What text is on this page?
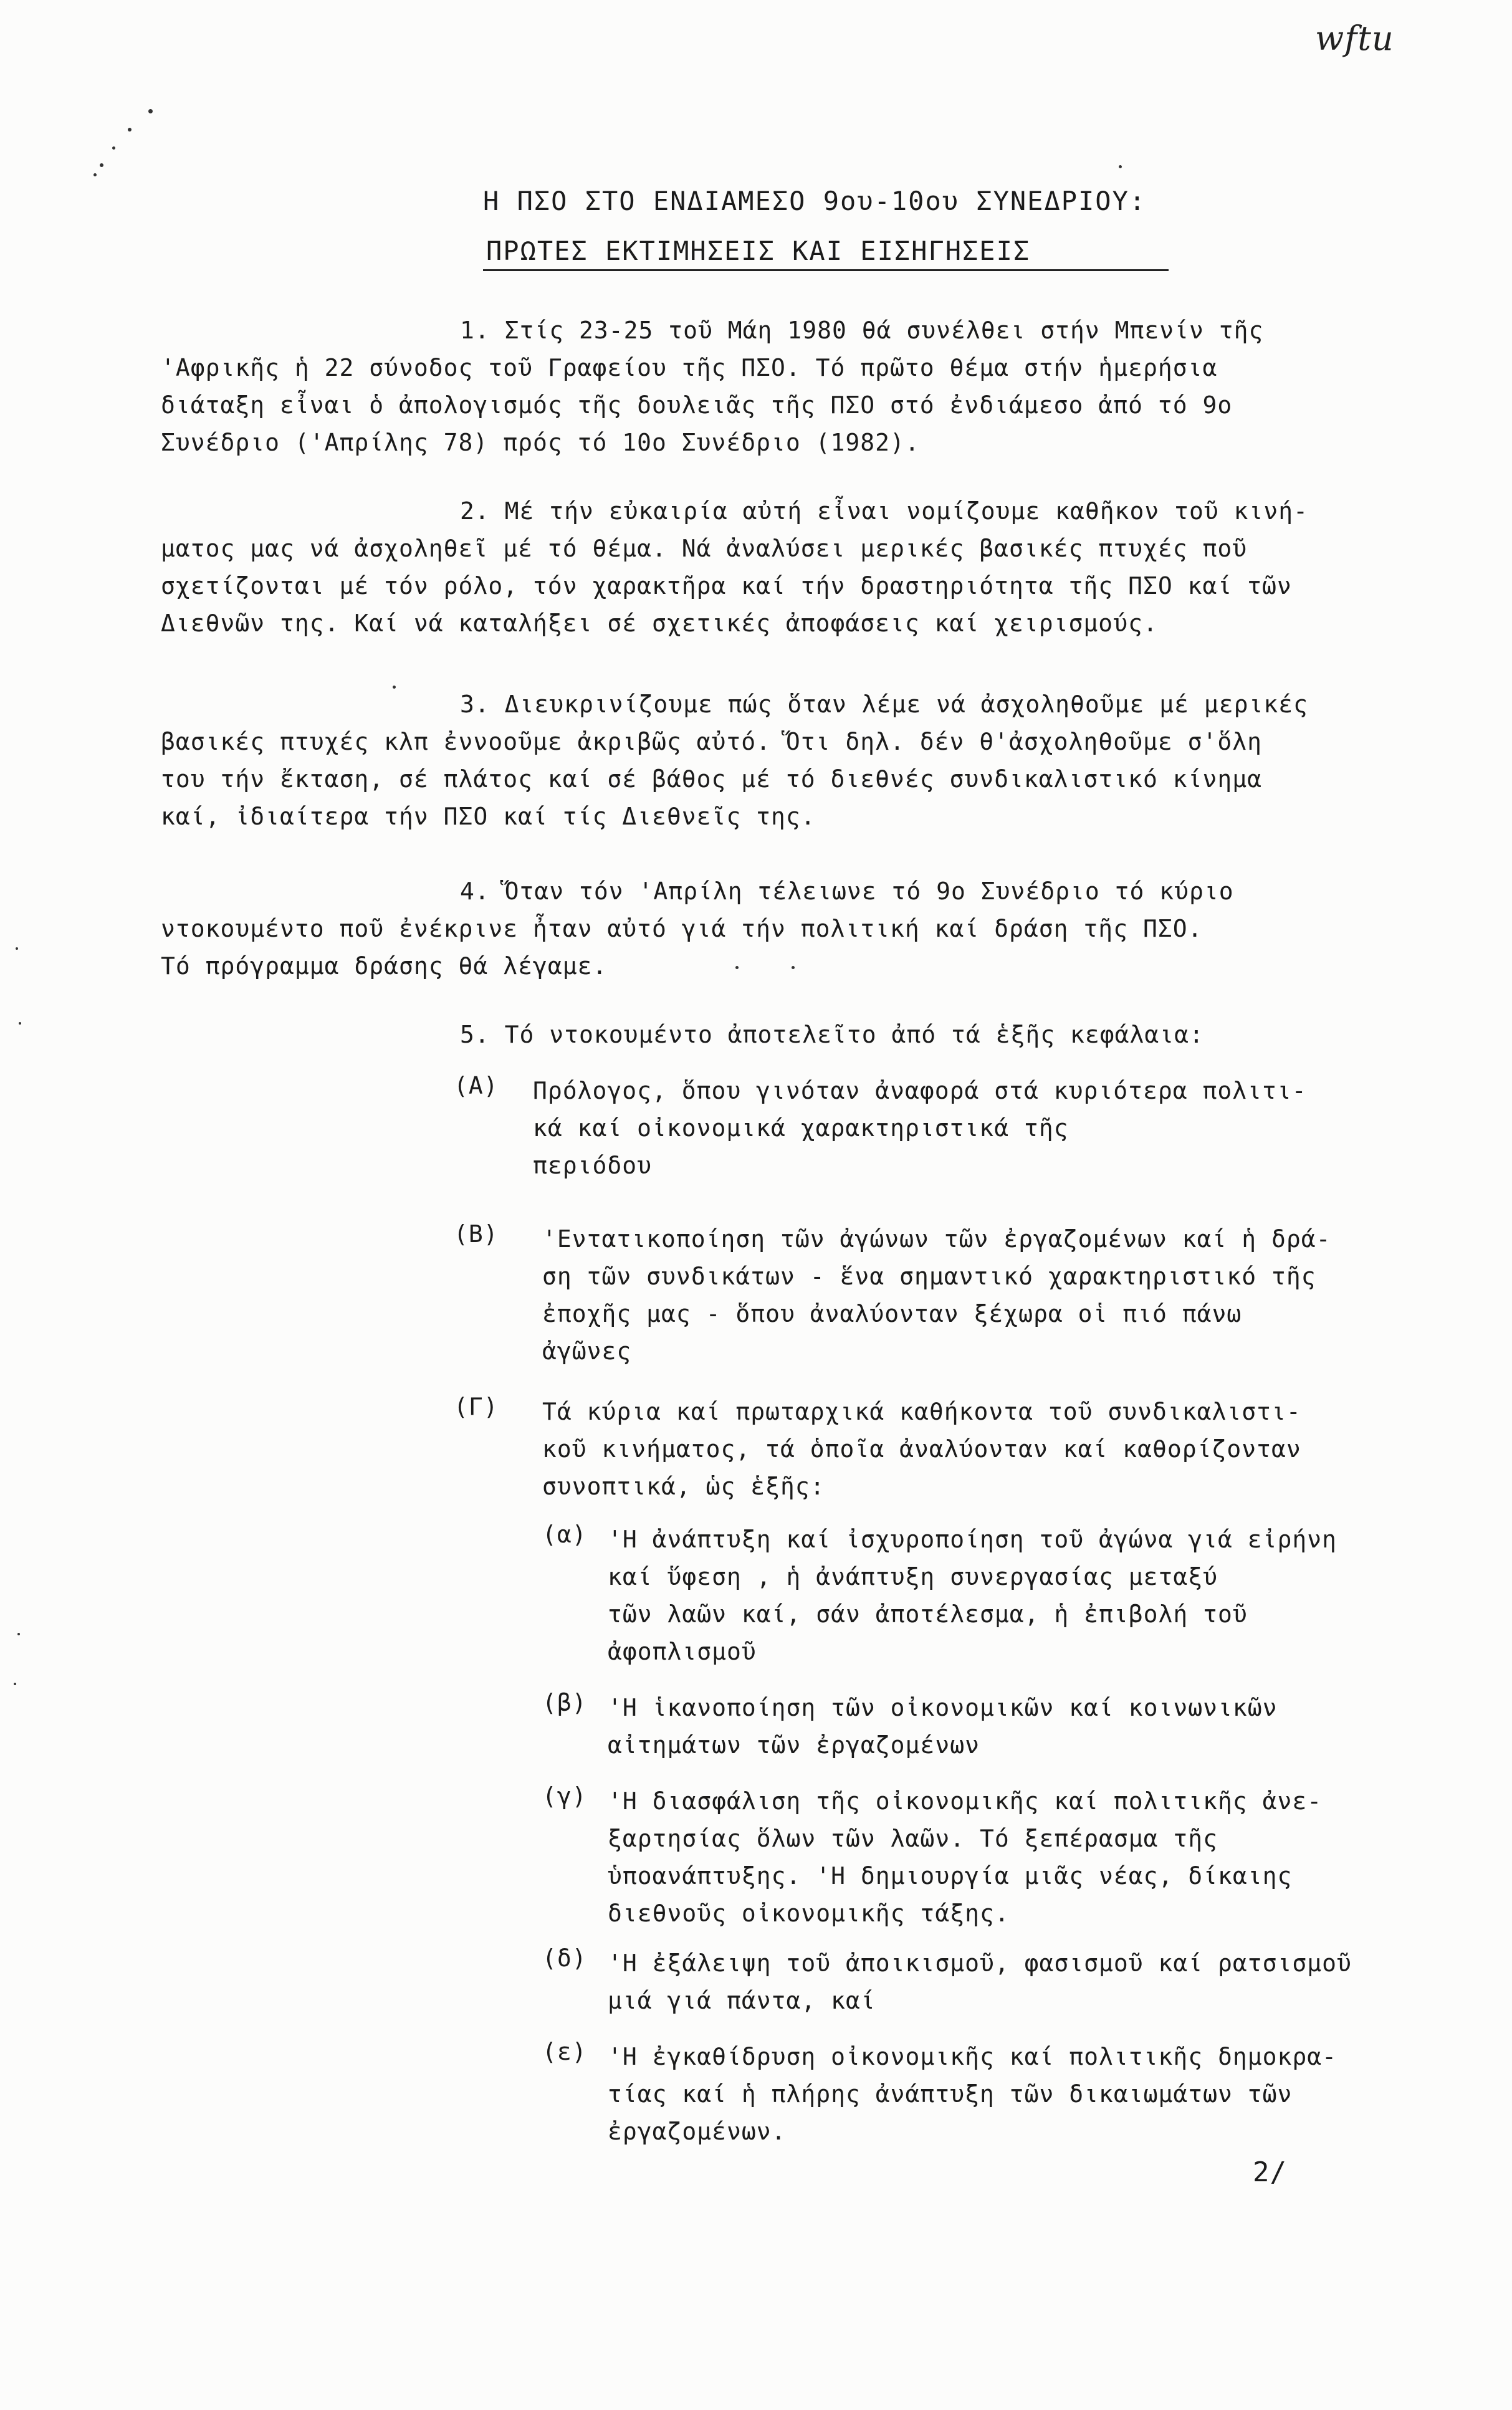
wftu
Η ΠΣΟ ΣΤΟ ΕΝΔΙΑΜΕΣΟ 9ου-10ου ΣΥΝΕΔΡΙΟΥ:
ΠΡΩΤΕΣ ΕΚΤΙΜΗΣΕΙΣ ΚΑΙ ΕΙΣΗΓΗΣΕΙΣ
1. Στίς 23-25 τοῦ Μάη 1980 θά συνέλθει στήν Μπενίν τῆς
'Αφρικῆς ἡ 22 σύνοδος τοῦ Γραφείου τῆς ΠΣΟ. Τό πρῶτο θέμα στήν ἡμερήσια
διάταξη εἶναι ὁ ἀπολογισμός τῆς δουλειᾶς τῆς ΠΣΟ στό ἐνδιάμεσο ἀπό τό 9ο
Συνέδριο ('Απρίλης 78) πρός τό 10ο Συνέδριο (1982).
2. Μέ τήν εὐκαιρία αὐτή εἶναι νομίζουμε καθῆκον τοῦ κινή-
ματος μας νά ἀσχοληθεῖ μέ τό θέμα. Νά ἀναλύσει μερικές βασικές πτυχές ποῦ
σχετίζονται μέ τόν ρόλο, τόν χαρακτῆρα καί τήν δραστηριότητα τῆς ΠΣΟ καί τῶν
Διεθνῶν της. Καί νά καταλήξει σέ σχετικές ἀποφάσεις καί χειρισμούς.
3. Διευκρινίζουμε πώς ὅταν λέμε νά ἀσχοληθοῦμε μέ μερικές
βασικές πτυχές κλπ ἐννοοῦμε ἀκριβῶς αὐτό. Ὅτι δηλ. δέν θ'ἀσχοληθοῦμε σ'ὅλη
του τήν ἔκταση, σέ πλάτος καί σέ βάθος μέ τό διεθνές συνδικαλιστικό κίνημα
καί, ἰδιαίτερα τήν ΠΣΟ καί τίς Διεθνεῖς της.
4. Ὅταν τόν 'Απρίλη τέλειωνε τό 9ο Συνέδριο τό κύριο
ντοκουμέντο ποῦ ἐνέκρινε ἦταν αὐτό γιά τήν πολιτική καί δράση τῆς ΠΣΟ.
Τό πρόγραμμα δράσης θά λέγαμε.
5. Τό ντοκουμέντο ἀποτελεῖτο ἀπό τά ἑξῆς κεφάλαια:
(Α) Πρόλογος, ὅπου γινόταν ἀναφορά στά κυριότερα πολιτι-
κά καί οἰκονομικά χαρακτηριστικά τῆς
περιόδου
(Β) 'Εντατικοποίηση τῶν ἀγώνων τῶν ἐργαζομένων καί ἡ δρά-
ση τῶν συνδικάτων - ἕνα σημαντικό χαρακτηριστικό τῆς
ἐποχῆς μας - ὅπου ἀναλύονταν ξέχωρα οἱ πιό πάνω
ἀγῶνες
(Γ) Τά κύρια καί πρωταρχικά καθήκοντα τοῦ συνδικαλιστι-
κοῦ κινήματος, τά ὁποῖα ἀναλύονταν καί καθορίζονταν
συνοπτικά, ὡς ἑξῆς:
(α) 'Η ἀνάπτυξη καί ἰσχυροποίηση τοῦ ἀγώνα γιά εἰρήνη
καί ὕφεση , ἡ ἀνάπτυξη συνεργασίας μεταξύ
τῶν λαῶν καί, σάν ἀποτέλεσμα, ἡ ἐπιβολή τοῦ
ἀφοπλισμοῦ
(β) 'Η ἱκανοποίηση τῶν οἰκονομικῶν καί κοινωνικῶν
αἰτημάτων τῶν ἐργαζομένων
(γ) 'Η διασφάλιση τῆς οἰκονομικῆς καί πολιτικῆς ἀνε-
ξαρτησίας ὅλων τῶν λαῶν. Τό ξεπέρασμα τῆς
ὑποανάπτυξης. 'Η δημιουργία μιᾶς νέας, δίκαιης
διεθνοῦς οἰκονομικῆς τάξης.
(δ) 'Η ἐξάλειψη τοῦ ἀποικισμοῦ, φασισμοῦ καί ρατσισμοῦ
μιά γιά πάντα, καί
(ε) 'Η ἐγκαθίδρυση οἰκονομικῆς καί πολιτικῆς δημοκρα-
τίας καί ἡ πλήρης ἀνάπτυξη τῶν δικαιωμάτων τῶν
ἐργαζομένων.
2/
